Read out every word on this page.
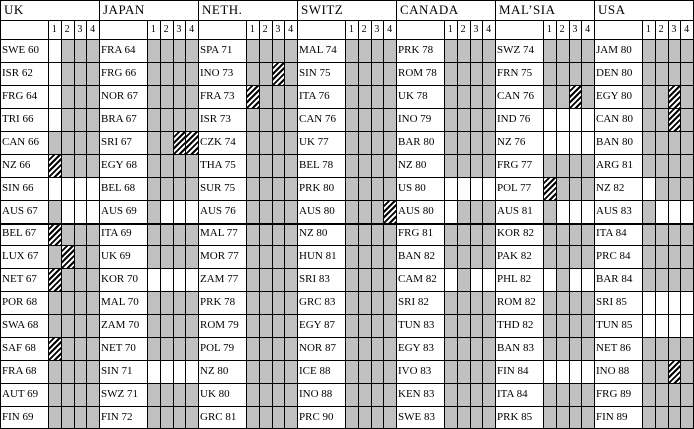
UK
1 2 3 4
JAPAN
1 2 3 4
NETH.
1 2 3 4
SWITZ
1 2 3 4
CANADA
1 2 3 4
MAL’SIA
1 2 3 4
USA
1 2 3 4
SWE 60	FRA 64	SPA 71	MAL 74	PRK 78	SWZ 74	JAM 80
ISR 62	FRG 66	INO 73	SIN 75	ROM 78	FRN 75	DEN 80
FRG 64	NOR 67	FRA 73	ITA 76	UK 78	CAN 76	EGY 80
TRI 66	BRA 67	ISR 73	CAN 76	INO 79	IND 76	CAN 80
CAN 66	SRI 67	CZK 74	UK 77	BAR 80	NZ 76	BAN 80
NZ 66	EGY 68	THA 75	BEL 78	NZ 80	FRG 77	ARG 81
SIN 66	BEL 68	SUR 75	PRK 80	US 80	POL 77	NZ 82
AUS 67	AUS 69	AUS 76	AUS 80	AUS 80	AUS 81	AUS 83
BEL 67	ITA 69	MAL 77	NZ 80	FRG 81	KOR 82	ITA 84
LUX 67	UK 69	MOR 77	HUN 81	BAN 82	PAK 82	PRC 84
NET 67	KOR 70	ZAM 77	SRI 83	CAM 82	PHL 82	BAR 84
POR 68	MAL 70	PRK 78	GRC 83	SRI 82	ROM 82	SRI 85
SWA 68	ZAM 70	ROM 79	EGY 87	TUN 83	THD 82	TUN 85
SAF 68	NET 70	POL 79	NOR 87	EGY 83	BAN 83	NET 86
FRA 68	SIN 71	NZ 80	ICE 88	IVO 83	FIN 84	INO 88
AUT 69	SWZ 71	UK 80	INO 88	KEN 83	ITA 84	FRG 89
FIN 69	FIN 72	GRC 81	PRC 90	SWE 83	PRK 85	FIN 89
